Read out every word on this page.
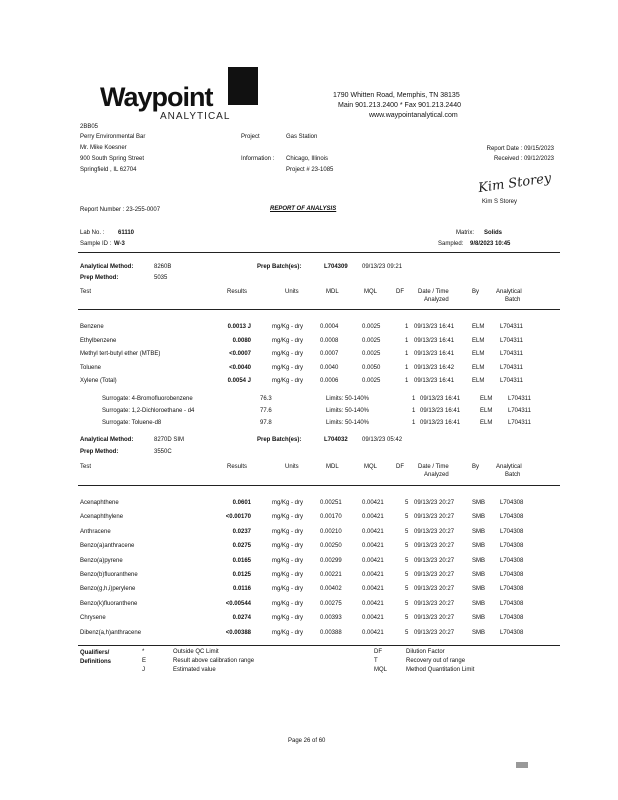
Waypoint
ANALYTICAL
1790 Whitten Road, Memphis, TN 38135
Main 901.213.2400 * Fax 901.213.2440
www.waypointanalytical.com
2BB05
Perry Environmental Bar
Mr. Mike Koesner
900 South Spring Street
Springfield , IL 62704
Project	Gas Station
Information : Chicago, Illinois
Project # 23-1085
Report Date : 09/15/2023
Received : 09/12/2023
Kim Storey
Kim S Storey
Report Number : 23-255-0007	REPORT OF ANALYSIS
Lab No. : 61110
Sample ID : W-3
Matrix: Solids
Sampled: 9/8/2023 10:45
Analytical Method:	8260B
Prep Method:	5035
Prep Batch(es):	L704309 09/13/23 09:21
Test	Results	Units	MDL	MQL	DF Date / Time
Analyzed
By	Analytical
Batch
Benzene	0.0013 J	mg/Kg - dry	0.0004	0.0025	1 09/13/23 16:41	ELM	L704311
Ethylbenzene	0.0080	mg/Kg - dry	0.0008	0.0025	1 09/13/23 16:41	ELM	L704311
Methyl tert-butyl ether (MTBE)	<0.0007	mg/Kg - dry	0.0007	0.0025	1 09/13/23 16:41	ELM	L704311
Toluene	<0.0040	mg/Kg - dry	0.0040	0.0050	1 09/13/23 16:42	ELM	L704311
Xylene (Total)	0.0054 J	mg/Kg - dry	0.0006	0.0025	1 09/13/23 16:41	ELM	L704311
Surrogate: 4-Bromofluorobenzene	76.3	Limits: 50-140%	1 09/13/23 16:41	ELM	L704311
Surrogate: 1,2-Dichloroethane - d4	77.6	Limits: 50-140%	1 09/13/23 16:41	ELM	L704311
Surrogate: Toluene-d8	97.8	Limits: 50-140%	1 09/13/23 16:41	ELM	L704311
Analytical Method:	8270D SIM
Prep Method:	3550C
Prep Batch(es):	L704032 09/13/23 05:42
Test	Results	Units	MDL	MQL	DF Date / Time
Analyzed
By	Analytical
Batch
Acenaphthene	0.0601	mg/Kg - dry	0.00251	0.00421	5 09/13/23 20:27	SMB L704308
Acenaphthylene	<0.00170	mg/Kg - dry	0.00170	0.00421	5 09/13/23 20:27	SMB L704308
Anthracene	0.0237	mg/Kg - dry	0.00210	0.00421	5 09/13/23 20:27	SMB L704308
Benzo(a)anthracene	0.0275	mg/Kg - dry	0.00250	0.00421	5 09/13/23 20:27	SMB L704308
Benzo(a)pyrene	0.0165	mg/Kg - dry	0.00299	0.00421	5 09/13/23 20:27	SMB L704308
Benzo(b)fluoranthene	0.0125	mg/Kg - dry	0.00221	0.00421	5 09/13/23 20:27	SMB L704308
Benzo(g,h,i)perylene	0.0116	mg/Kg - dry	0.00402	0.00421	5 09/13/23 20:27	SMB L704308
Benzo(k)fluoranthene	<0.00544	mg/Kg - dry	0.00275	0.00421	5 09/13/23 20:27	SMB L704308
Chrysene	0.0274	mg/Kg - dry	0.00393	0.00421	5 09/13/23 20:27	SMB L704308
Dibenz(a,h)anthracene	<0.00388	mg/Kg - dry	0.00388	0.00421	5 09/13/23 20:27	SMB L704308
Qualifiers/
Definitions
*	Outside QC Limit
E	Result above calibration range
J	Estimated value
DF	Dilution Factor
T	Recovery out of range
MQL	Method Quantitation Limit
Page 26 of 60
